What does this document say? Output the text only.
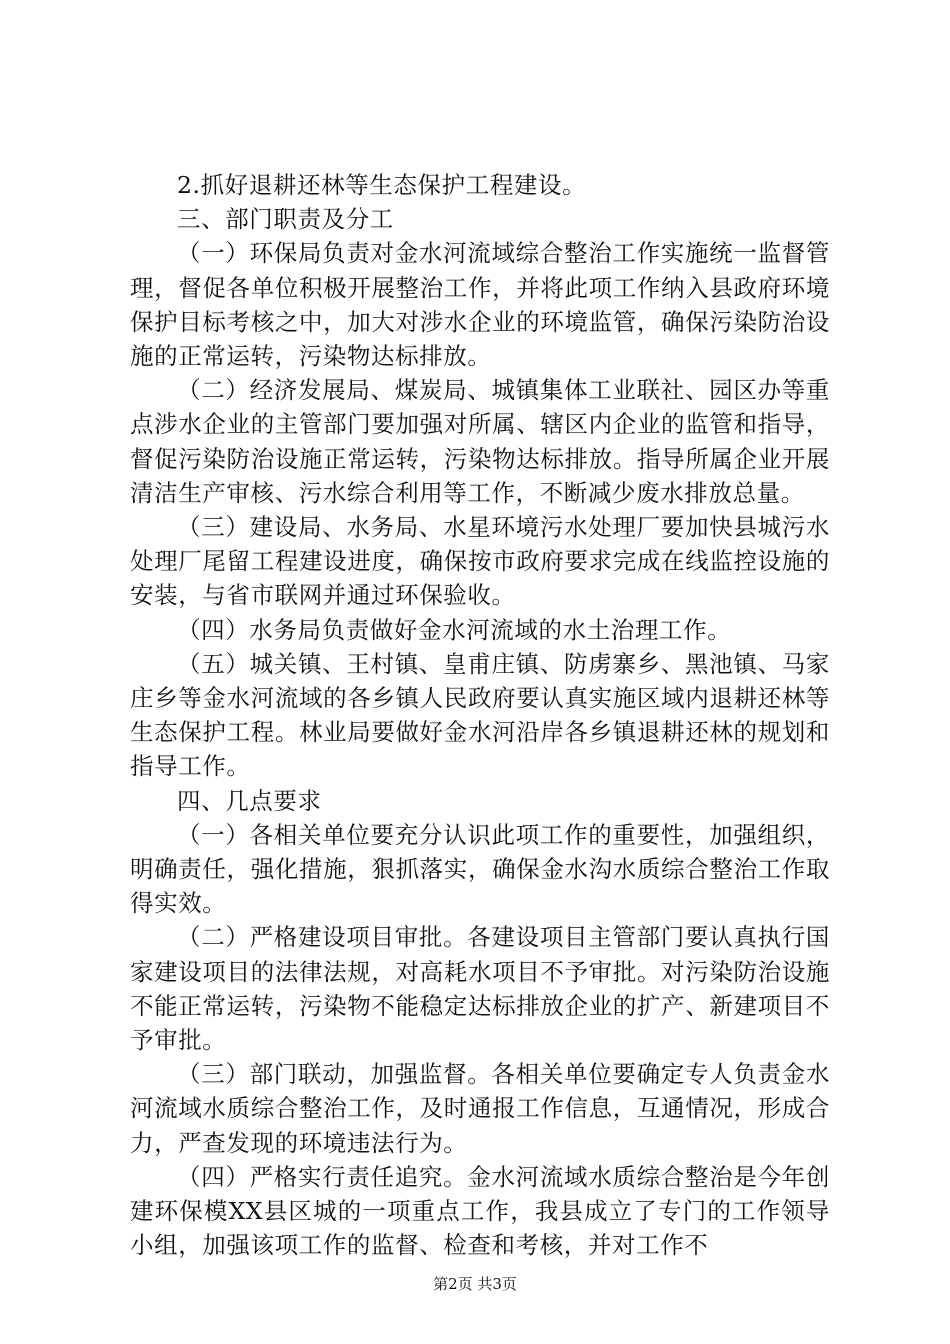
2.抓好退耕还林等生态保护工程建设。

三、部门职责及分工

（一）环保局负责对金水河流域综合整治工作实施统一监督管理，督促各单位积极开展整治工作，并将此项工作纳入县政府环境保护目标考核之中，加大对涉水企业的环境监管，确保污染防治设施的正常运转，污染物达标排放。

（二）经济发展局、煤炭局、城镇集体工业联社、园区办等重点涉水企业的主管部门要加强对所属、辖区内企业的监管和指导，督促污染防治设施正常运转，污染物达标排放。指导所属企业开展清洁生产审核、污水综合利用等工作，不断减少废水排放总量。

（三）建设局、水务局、水星环境污水处理厂要加快县城污水处理厂尾留工程建设进度，确保按市政府要求完成在线监控设施的安装，与省市联网并通过环保验收。

（四）水务局负责做好金水河流域的水土治理工作。

（五）城关镇、王村镇、皇甫庄镇、防虏寨乡、黑池镇、马家庄乡等金水河流域的各乡镇人民政府要认真实施区域内退耕还林等生态保护工程。林业局要做好金水河沿岸各乡镇退耕还林的规划和指导工作。

四、几点要求

（一）各相关单位要充分认识此项工作的重要性，加强组织，明确责任，强化措施，狠抓落实，确保金水沟水质综合整治工作取得实效。

（二）严格建设项目审批。各建设项目主管部门要认真执行国家建设项目的法律法规，对高耗水项目不予审批。对污染防治设施不能正常运转，污染物不能稳定达标排放企业的扩产、新建项目不予审批。

（三）部门联动，加强监督。各相关单位要确定专人负责金水河流域水质综合整治工作，及时通报工作信息，互通情况，形成合力，严查发现的环境违法行为。

（四）严格实行责任追究。金水河流域水质综合整治是今年创建环保模XX县区城的一项重点工作，我县成立了专门的工作领导小组，加强该项工作的监督、检查和考核，并对工作不

第2页 共3页
